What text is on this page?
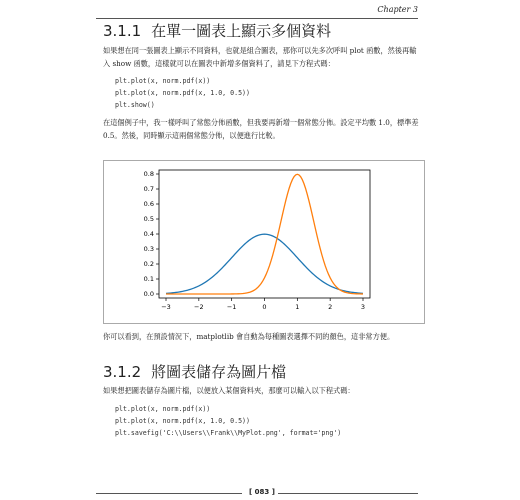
Chapter 3
3.1.1 在單一圖表上顯示多個資料

如果想在同一張圖表上顯示不同資料，也就是組合圖表，那你可以先多次呼叫 plot 函數，然後再輸入 show 函數，這樣就可以在圖表中新增多個資料了，請見下方程式碼：

plt.plot(x, norm.pdf(x))

plt.plot(x, norm.pdf(x, 1.0, 0.5))

plt.show()

在這個例子中，我一樣呼叫了常態分佈函數，但我要再新增一個常態分佈。設定平均數 1.0，標準差 0.5。然後，同時顯示這兩個常態分佈，以便進行比較。

−3	−2	−1	0	1	2	3
0.0
0.1
0.2
0.3
0.4
0.5
0.6
0.7
0.8

你可以看到，在預設情況下，matplotlib 會自動為每種圖表選擇不同的顏色，這非常方便。

3.1.2 將圖表儲存為圖片檔

如果想把圖表儲存為圖片檔，以便放入某個資料夾，那麼可以輸入以下程式碼：

plt.plot(x, norm.pdf(x))

plt.plot(x, norm.pdf(x, 1.0, 0.5))

plt.savefig('C:\\Users\\Frank\\MyPlot.png', format='png')

[ 083 ]
